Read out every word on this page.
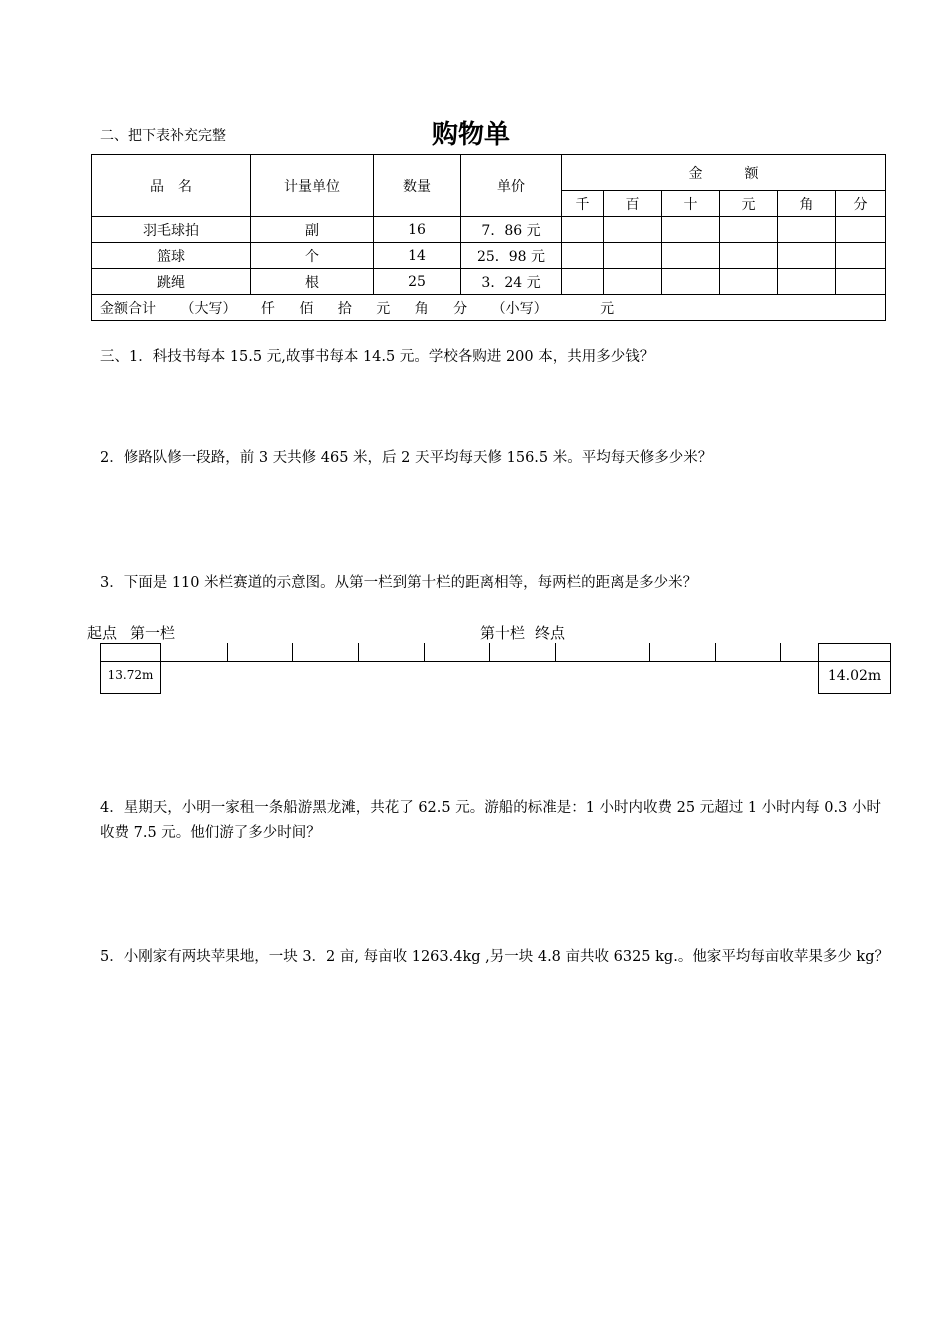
二、把下表补充完整	购物单
品　名	计量单位	数量	单价	金　　　额					
				千	百	十	元	角	分
羽毛球拍	副	16	7．86 元						
篮球	个	14	25．98 元						
跳绳	根	25	3．24 元						
金额合计 （大写） 仟 佰 拾 元 角 分 （小写） 元									
三、1．科技书每本 15.5 元,故事书每本 14.5 元。学校各购进 200 本，共用多少钱？
2．修路队修一段路，前 3 天共修 465 米，后 2 天平均每天修 156.5 米。平均每天修多少米？
3．下面是 110 米栏赛道的示意图。从第一栏到第十栏的距离相等，每两栏的距离是多少米？
起点 第一栏	第十栏 终点
13.72m	14.02m
4．星期天，小明一家租一条船游黑龙滩，共花了 62.5 元。游船的标准是：1 小时内收费 25 元超过 1 小时内每 0.3 小时收费 7.5 元。他们游了多少时间？
5．小刚家有两块苹果地，一块 3．2 亩, 每亩收 1263.4kg ,另一块 4.8 亩共收 6325 kg.。他家平均每亩收苹果多少 kg？
